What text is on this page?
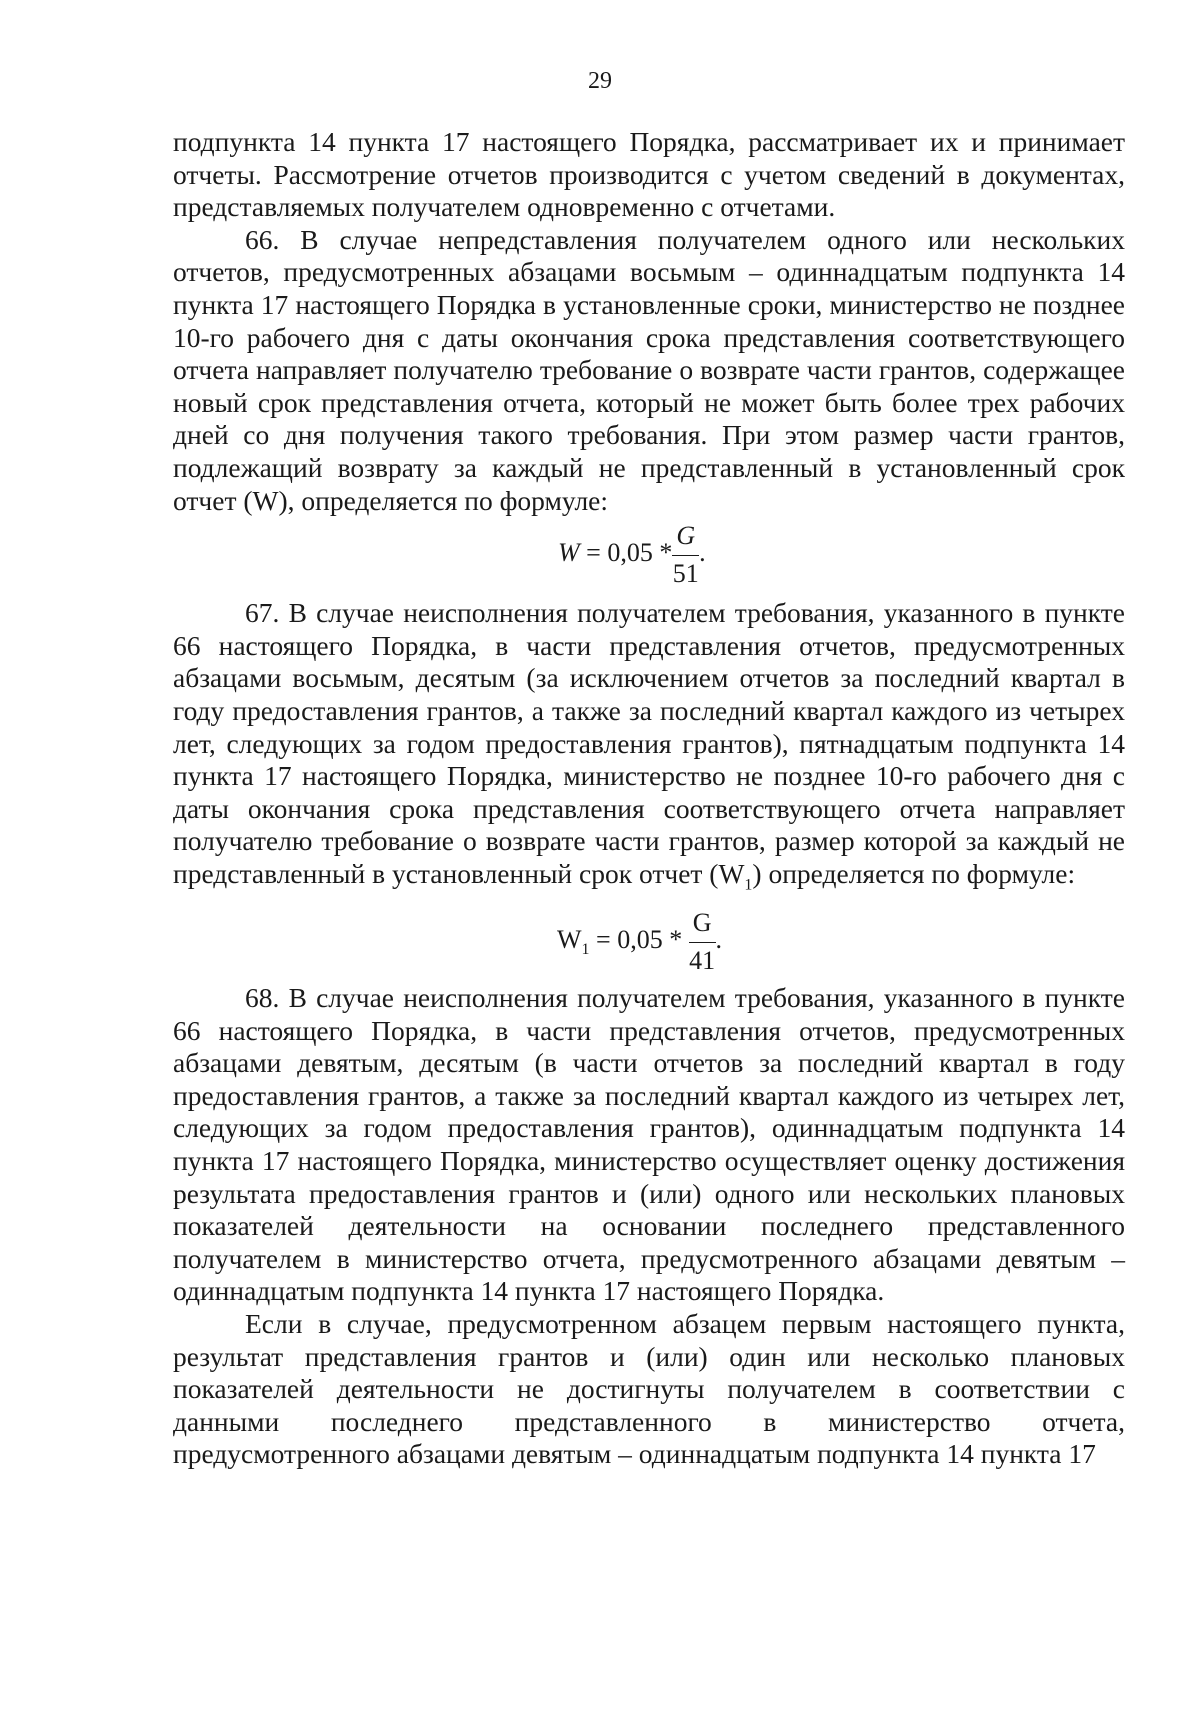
29

подпункта 14 пункта 17 настоящего Порядка, рассматривает их и принимает отчеты. Рассмотрение отчетов производится с учетом сведений в документах, представляемых получателем одновременно с отчетами.

66. В случае непредставления получателем одного или нескольких отчетов, предусмотренных абзацами восьмым – одиннадцатым подпункта 14 пункта 17 настоящего Порядка в установленные сроки, министерство не позднее 10-го рабочего дня с даты окончания срока представления соответствующего отчета направляет получателю требование о возврате части грантов, содержащее новый срок представления отчета, который не может быть более трех рабочих дней со дня получения такого требования. При этом размер части грантов, подлежащий возврату за каждый не представленный в установленный срок отчет (W), определяется по формуле:

$W = 0,05 * \frac{G}{51}$ .

67. В случае неисполнения получателем требования, указанного в пункте 66 настоящего Порядка, в части представления отчетов, предусмотренных абзацами восьмым, десятым (за исключением отчетов за последний квартал в году предоставления грантов, а также за последний квартал каждого из четырех лет, следующих за годом предоставления грантов), пятнадцатым подпункта 14 пункта 17 настоящего Порядка, министерство не позднее 10-го рабочего дня с даты окончания срока представления соответствующего отчета направляет получателю требование о возврате части грантов, размер которой за каждый не представленный в установленный срок отчет $(W_1)$ определяется по формуле:

$W_1 = 0,05 * \frac{G}{41}$ .

68. В случае неисполнения получателем требования, указанного в пункте 66 настоящего Порядка, в части представления отчетов, предусмотренных абзацами девятым, десятым (в части отчетов за последний квартал в году предоставления грантов, а также за последний квартал каждого из четырех лет, следующих за годом предоставления грантов), одиннадцатым подпункта 14 пункта 17 настоящего Порядка, министерство осуществляет оценку достижения результата предоставления грантов и (или) одного или нескольких плановых показателей деятельности на основании последнего представленного получателем в министерство отчета, предусмотренного абзацами девятым – одиннадцатым подпункта 14 пункта 17 настоящего Порядка.

Если в случае, предусмотренном абзацем первым настоящего пункта, результат представления грантов и (или) один или несколько плановых показателей деятельности не достигнуты получателем в соответствии с данными последнего представленного в министерство отчета, предусмотренного абзацами девятым – одиннадцатым подпункта 14 пункта 17
